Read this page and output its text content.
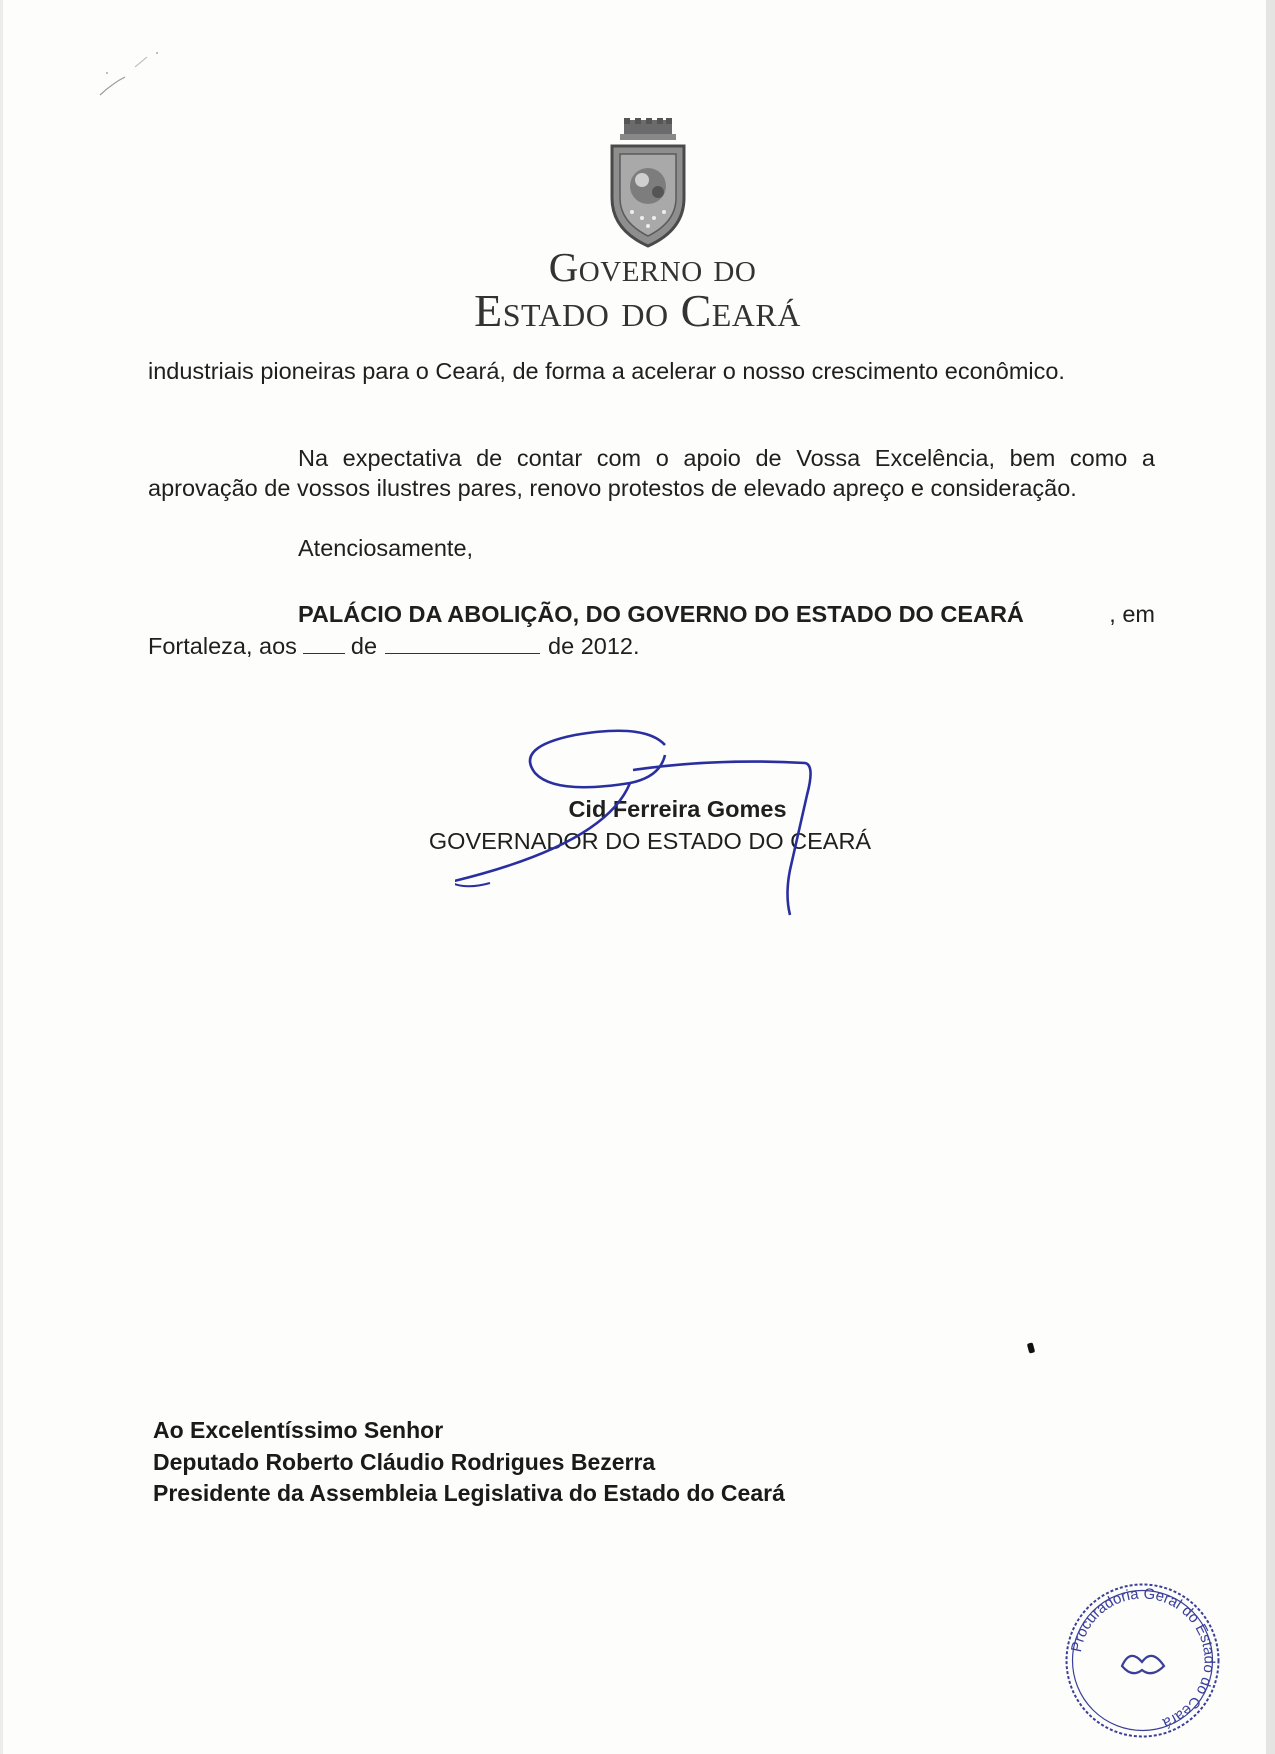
Governo do
Estado do Ceará
industriais pioneiras para o Ceará, de forma a acelerar o nosso crescimento econômico.
Na expectativa de contar com o apoio de Vossa Excelência, bem como a
aprovação de vossos ilustres pares, renovo protestos de elevado apreço e consideração.
Atenciosamente,
PALÁCIO DA ABOLIÇÃO, DO GOVERNO DO ESTADO DO CEARÁ	, em
Fortaleza, aos de	de 2012.
Cid Ferreira Gomes
GOVERNADOR DO ESTADO DO CEARÁ
Ao Excelentíssimo Senhor
Deputado Roberto Cláudio Rodrigues Bezerra
Presidente da Assembleia Legislativa do Estado do Ceará
Procuradoria Geral do Estado do Ceará
